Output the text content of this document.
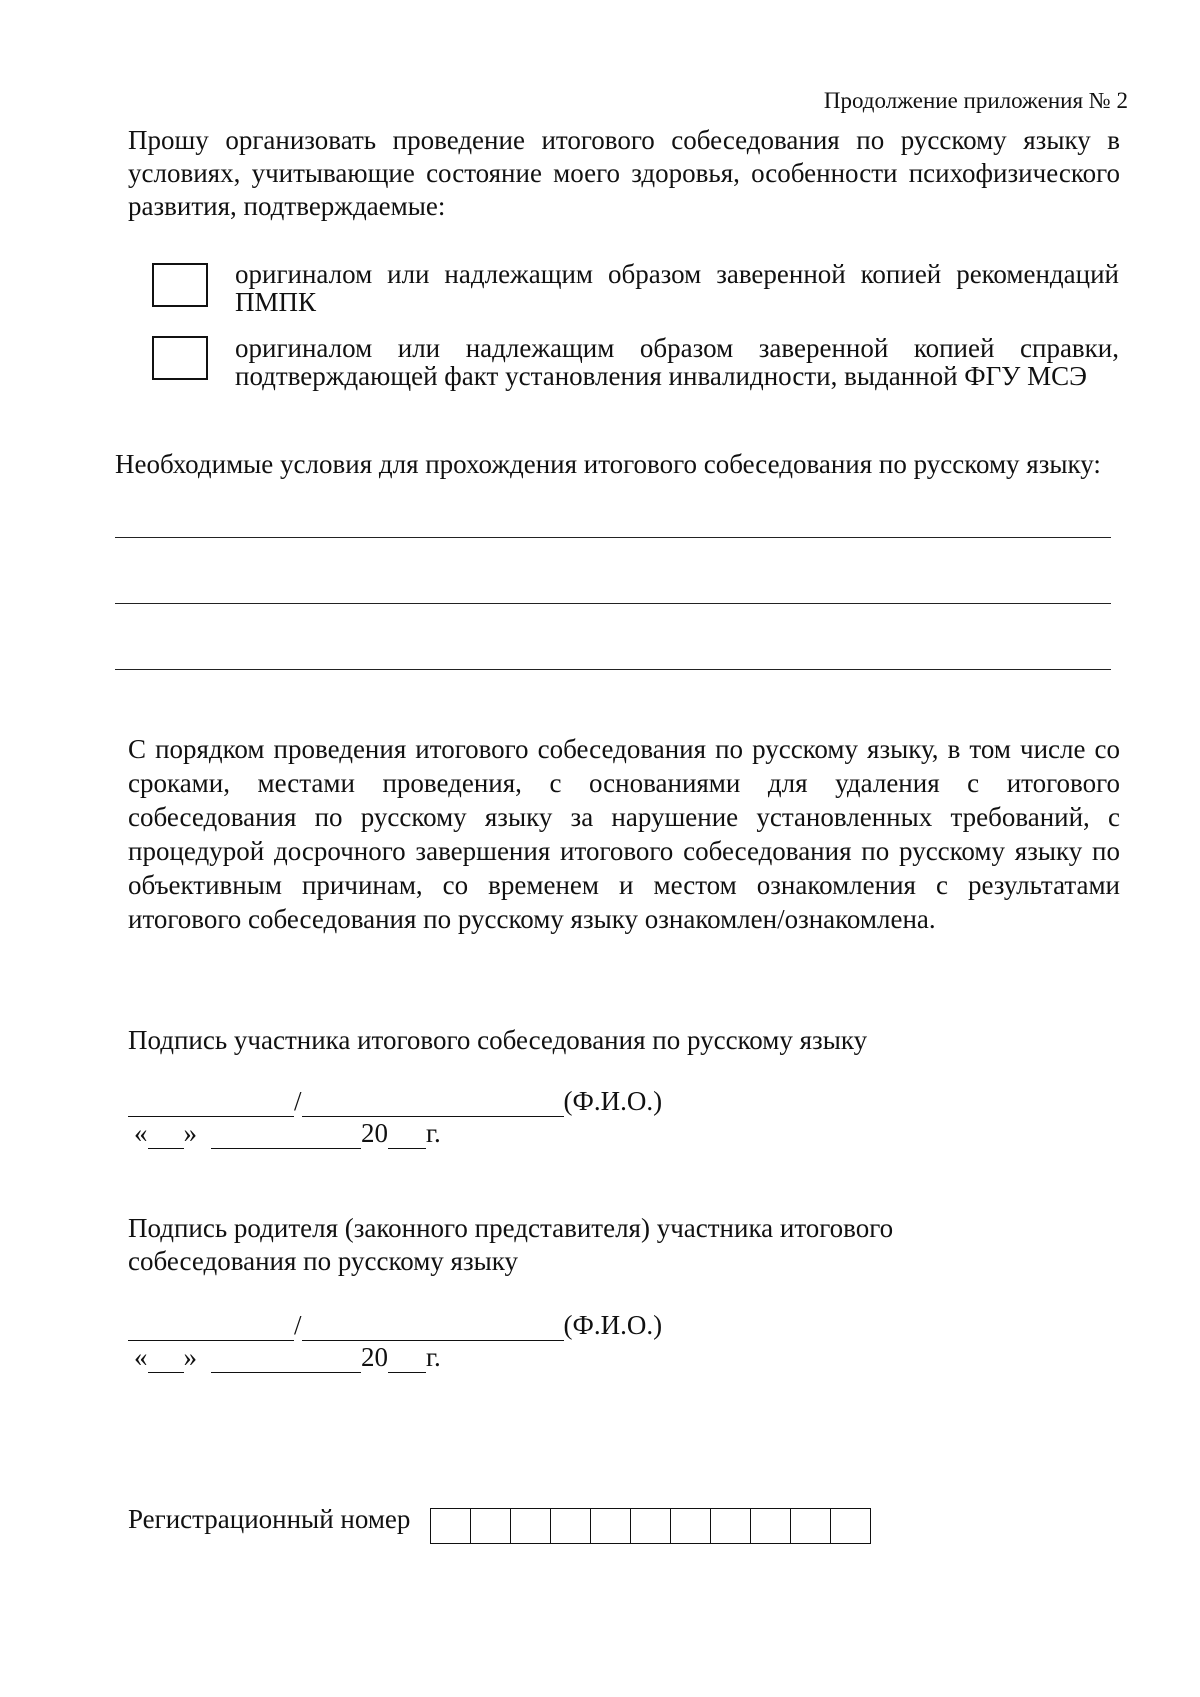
Продолжение приложения № 2
Прошу организовать проведение итогового собеседования по русскому языку в условиях, учитывающие состояние моего здоровья, особенности психофизического развития, подтверждаемые:
оригиналом или надлежащим образом заверенной копией рекомендаций ПМПК
оригиналом или надлежащим образом заверенной копией справки, подтверждающей факт установления инвалидности, выданной ФГУ МСЭ
Необходимые условия для прохождения итогового собеседования по русскому языку:
С порядком проведения итогового собеседования по русскому языку, в том числе со сроками, местами проведения, с основаниями для удаления с итогового собеседования по русскому языку за нарушение установленных требований, с процедурой досрочного завершения итогового собеседования по русскому языку по объективным причинам, со временем и местом ознакомления с результатами итогового собеседования по русскому языку ознакомлен/ознакомлена.
Подпись участника итогового собеседования по русскому языку
/	(Ф.И.О.)
« »	20 г.
Подпись родителя (законного представителя) участника итогового собеседования по русскому языку
/	(Ф.И.О.)
« »	20 г.
Регистрационный номер
